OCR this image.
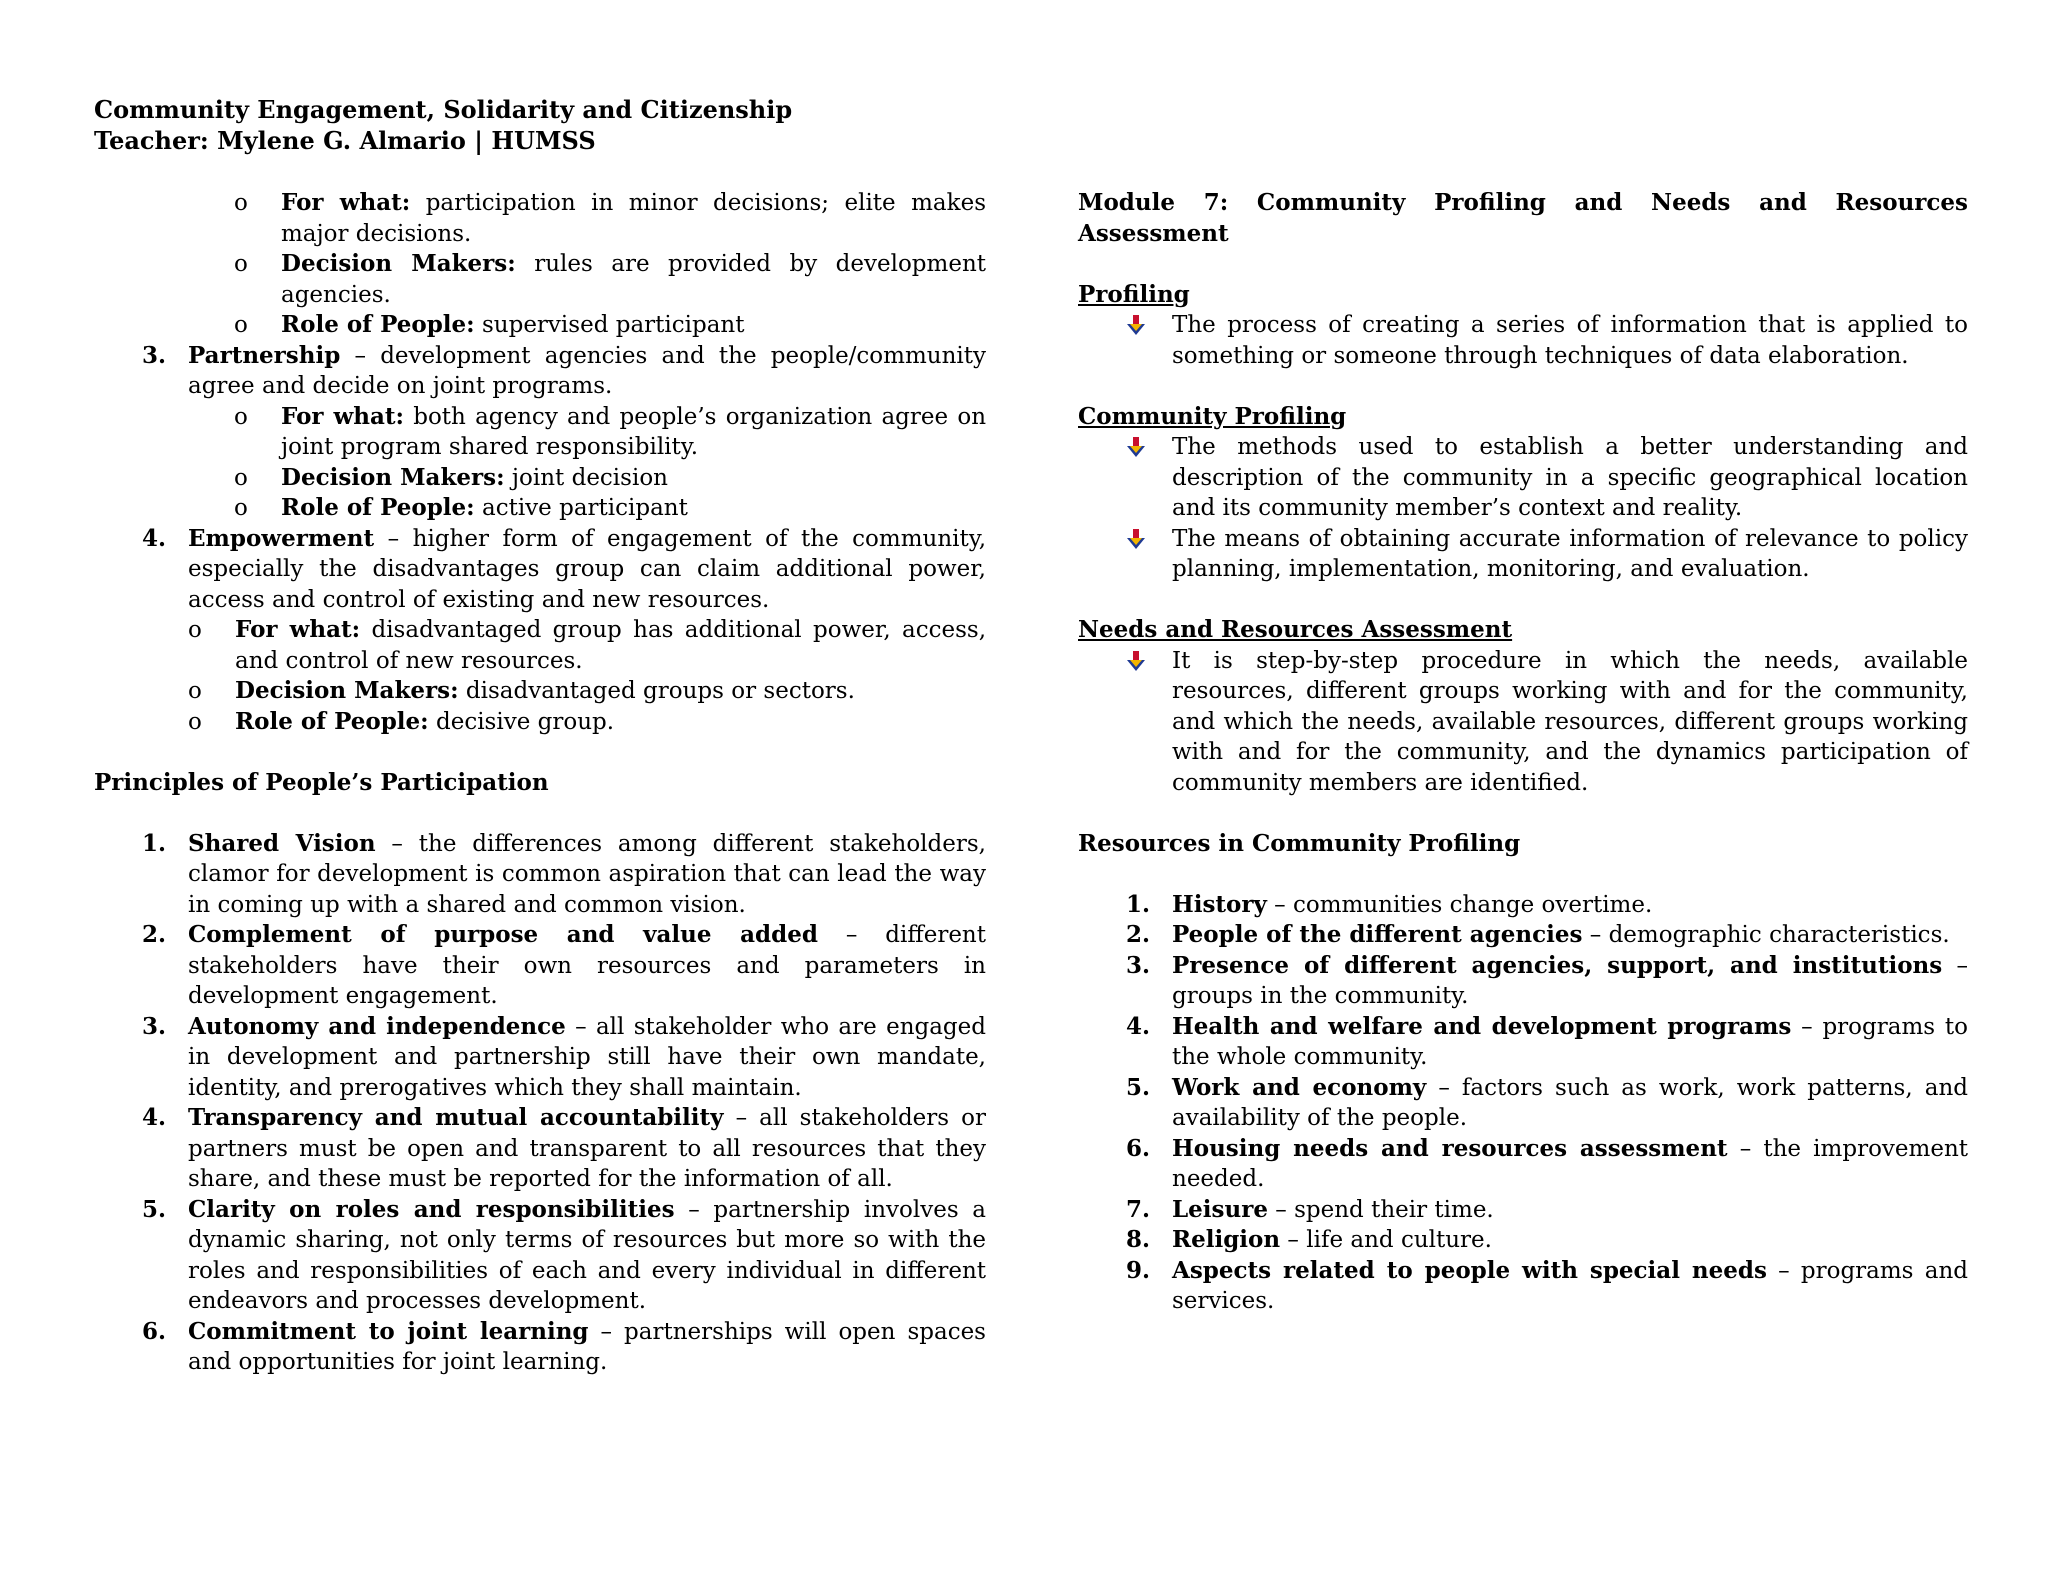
Community Engagement, Solidarity and Citizenship
Teacher: Mylene G. Almario | HUMSS
o For what: participation in minor decisions; elite makes major decisions.
o Decision Makers: rules are provided by development agencies.
o Role of People: supervised participant
3. Partnership – development agencies and the people/community agree and decide on joint programs.
o For what: both agency and people’s organization agree on joint program shared responsibility.
o Decision Makers: joint decision
o Role of People: active participant
4. Empowerment – higher form of engagement of the community, especially the disadvantages group can claim additional power, access and control of existing and new resources.
o For what: disadvantaged group has additional power, access, and control of new resources.
o Decision Makers: disadvantaged groups or sectors.
o Role of People: decisive group.
Principles of People’s Participation
1. Shared Vision – the differences among different stakeholders, clamor for development is common aspiration that can lead the way in coming up with a shared and common vision.
2. Complement of purpose and value added – different stakeholders have their own resources and parameters in development engagement.
3. Autonomy and independence – all stakeholder who are engaged in development and partnership still have their own mandate, identity, and prerogatives which they shall maintain.
4. Transparency and mutual accountability – all stakeholders or partners must be open and transparent to all resources that they share, and these must be reported for the information of all.
5. Clarity on roles and responsibilities – partnership involves a dynamic sharing, not only terms of resources but more so with the roles and responsibilities of each and every individual in different endeavors and processes development.
6. Commitment to joint learning – partnerships will open spaces and opportunities for joint learning.
Module 7: Community Profiling and Needs and Resources Assessment
Profiling
The process of creating a series of information that is applied to something or someone through techniques of data elaboration.
Community Profiling
The methods used to establish a better understanding and description of the community in a specific geographical location and its community member’s context and reality.
The means of obtaining accurate information of relevance to policy planning, implementation, monitoring, and evaluation.
Needs and Resources Assessment
It is step-by-step procedure in which the needs, available resources, different groups working with and for the community, and which the needs, available resources, different groups working with and for the community, and the dynamics participation of community members are identified.
Resources in Community Profiling
1. History – communities change overtime.
2. People of the different agencies – demographic characteristics.
3. Presence of different agencies, support, and institutions – groups in the community.
4. Health and welfare and development programs – programs to the whole community.
5. Work and economy – factors such as work, work patterns, and availability of the people.
6. Housing needs and resources assessment – the improvement needed.
7. Leisure – spend their time.
8. Religion – life and culture.
9. Aspects related to people with special needs – programs and services.
